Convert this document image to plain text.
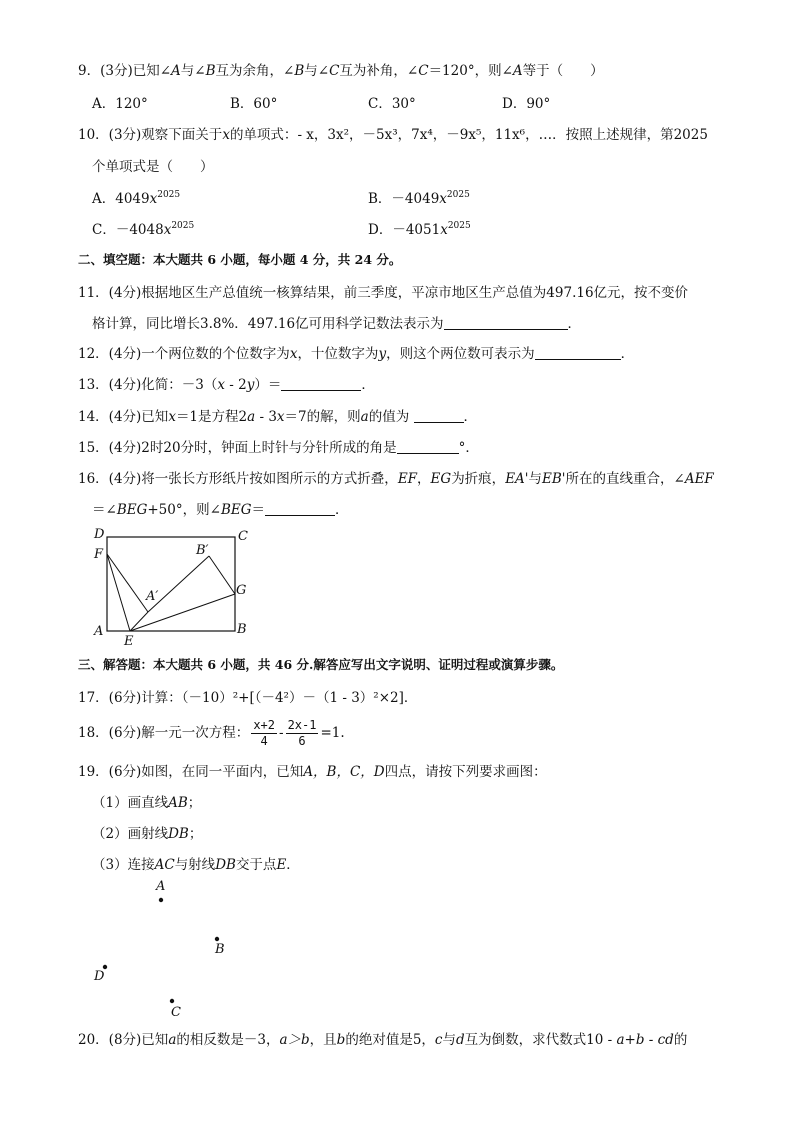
9．(3分)已知∠A与∠B互为余角，∠B与∠C互为补角，∠C＝120°，则∠A等于（　　）
A．120°	B．60°	C．30°	D．90°
10．(3分)观察下面关于x的单项式：- x，3x²，－5x³，7x⁴，－9x⁵，11x⁶，…．按照上述规律，第2025
个单项式是（　　）
A．$4049x^{2025}$	B．$-4049x^{2025}$
C．$-4048x^{2025}$	D．$-4051x^{2025}$
二、填空题：本大题共 6 小题，每小题 4 分，共 24 分。
11．(4分)根据地区生产总值统一核算结果，前三季度，平凉市地区生产总值为497.16亿元，按不变价
格计算，同比增长3.8%．497.16亿可用科学记数法表示为	．
12．(4分)一个两位数的个位数字为x，十位数字为y，则这个两位数可表示为	．
13．(4分)化简：－3（x - 2y）＝	．
14．(4分)已知x＝1是方程2a - 3x＝7的解，则a的值为	．
15．(4分)2时20分时，钟面上时针与分针所成的角是	°．
16．(4分)将一张长方形纸片按如图所示的方式折叠，EF，EG为折痕，EA'与EB'所在的直线重合，∠AEF
＝∠BEG+50°，则∠BEG＝	．
D	C
F	B′
A′	G
A
E
B
三、解答题：本大题共 6 小题，共 46 分.解答应写出文字说明、证明过程或演算步骤。
17．(6分)计算：（－10）²+[（－4²）－（1 - 3）²×2]．
18．(6分)解一元一次方程： $\frac{x+2}{4} - \frac{2x-1}{6} =1$.
19．(6分)如图，在同一平面内，已知A，B，C，D四点，请按下列要求画图：
（1）画直线AB；
（2）画射线DB；
（3）连接AC与射线DB交于点E．
A
B
D
C
20．(8分)已知a的相反数是－3，a＞b，且b的绝对值是5，c与d互为倒数，求代数式10 - a+b - cd的
